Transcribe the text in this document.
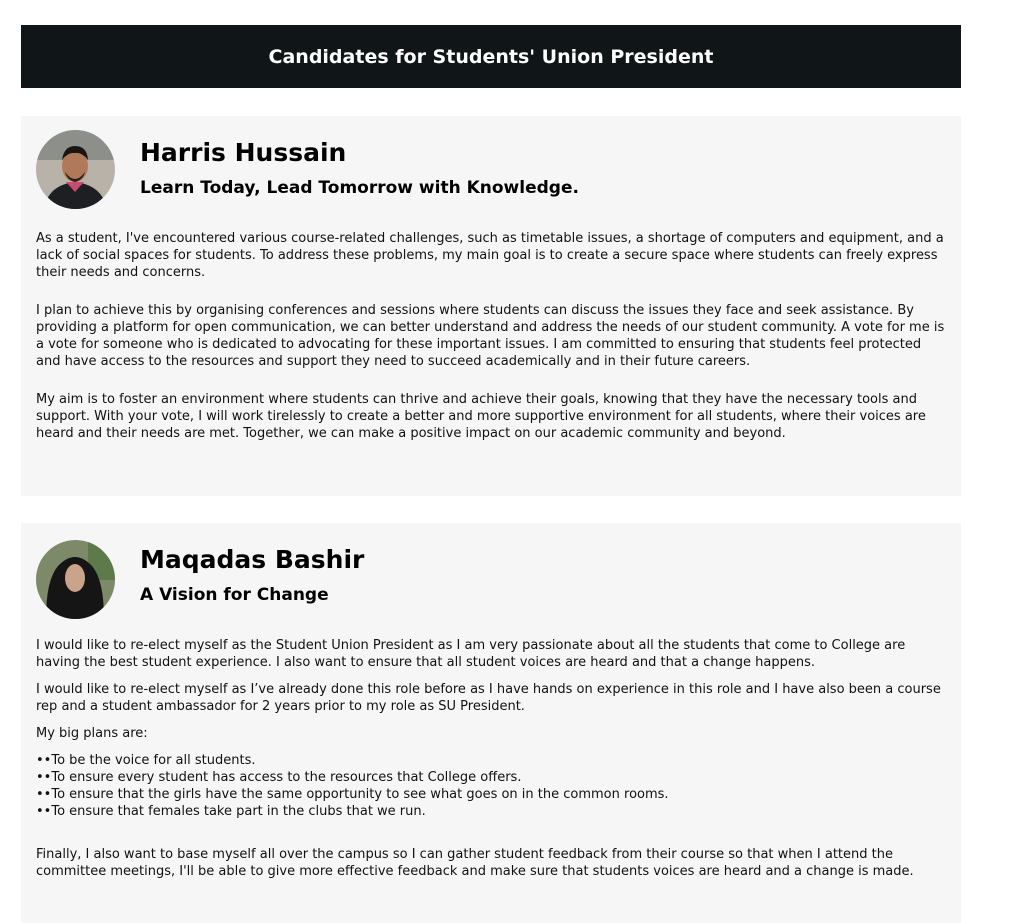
Candidates for Students' Union President
Harris Hussain
Learn Today, Lead Tomorrow with Knowledge.

As a student, I've encountered various course-related challenges, such as timetable issues, a shortage of computers and equipment, and a lack of social spaces for students. To address these problems, my main goal is to create a secure space where students can freely express their needs and concerns.

I plan to achieve this by organising conferences and sessions where students can discuss the issues they face and seek assistance. By providing a platform for open communication, we can better understand and address the needs of our student community. A vote for me is a vote for someone who is dedicated to advocating for these important issues. I am committed to ensuring that students feel protected and have access to the resources and support they need to succeed academically and in their future careers.

My aim is to foster an environment where students can thrive and achieve their goals, knowing that they have the necessary tools and support. With your vote, I will work tirelessly to create a better and more supportive environment for all students, where their voices are heard and their needs are met. Together, we can make a positive impact on our academic community and beyond.

Maqadas Bashir
A Vision for Change

I would like to re-elect myself as the Student Union President as I am very passionate about all the students that come to College are having the best student experience. I also want to ensure that all student voices are heard and that a change happens.

I would like to re-elect myself as I’ve already done this role before as I have hands on experience in this role and I have also been a course rep and a student ambassador for 2 years prior to my role as SU President.

My big plans are:

•• To be the voice for all students.
•• To ensure every student has access to the resources that College offers.
•• To ensure that the girls have the same opportunity to see what goes on in the common rooms.
•• To ensure that females take part in the clubs that we run.

Finally, I also want to base myself all over the campus so I can gather student feedback from their course so that when I attend the committee meetings, I'll be able to give more effective feedback and make sure that students voices are heard and a change is made.
